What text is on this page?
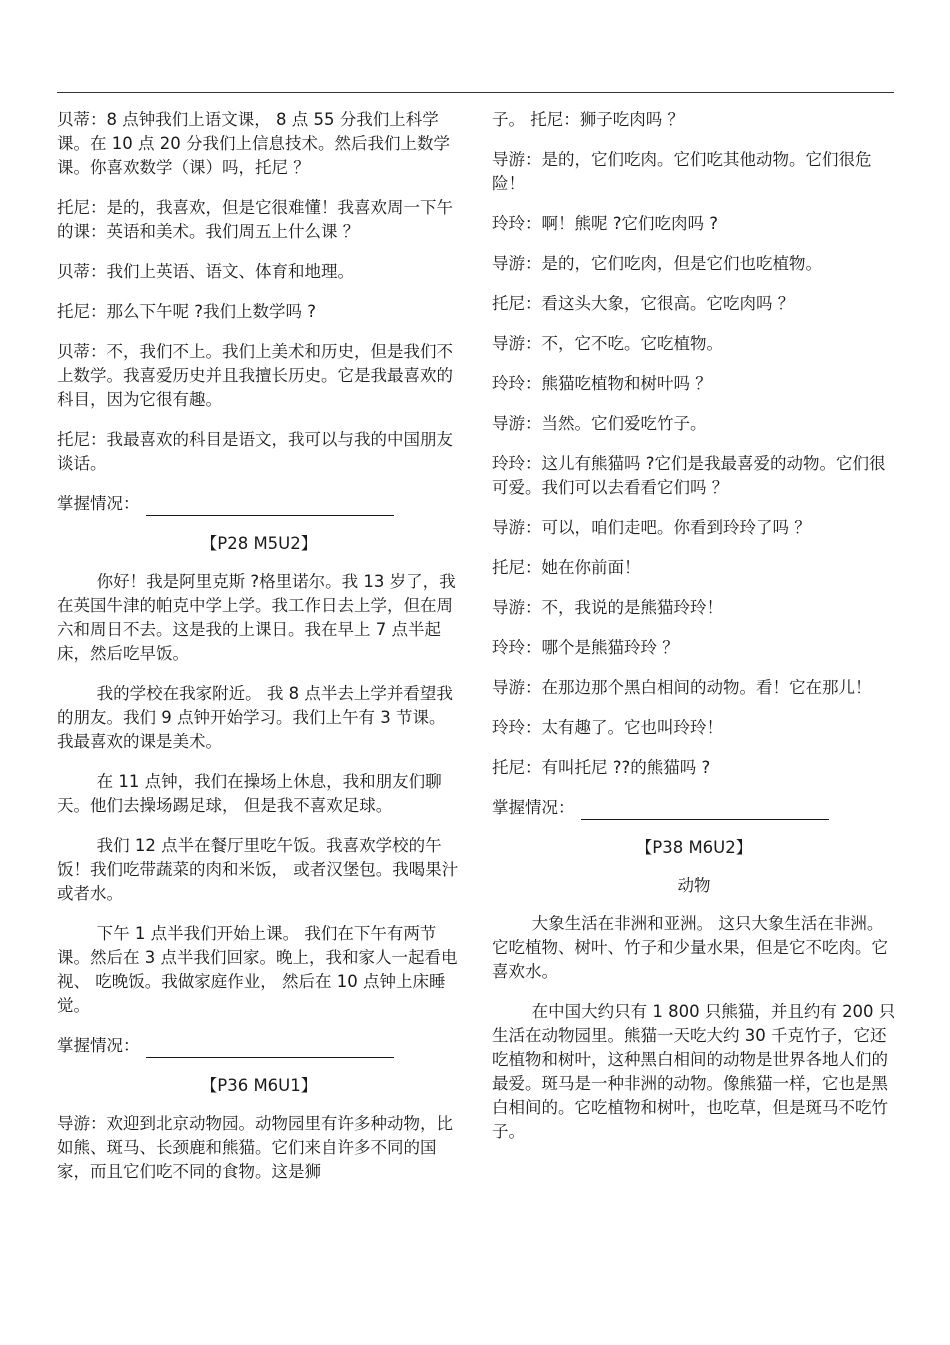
贝蒂：8 点钟我们上语文课， 8 点 55 分我们上科学课。在 10 点 20 分我们上信息技术。然后我们上数学课。你喜欢数学（课）吗，托尼 ？

托尼：是的，我喜欢，但是它很难懂！我喜欢周一下午的课：英语和美术。我们周五上什么课 ？

贝蒂：我们上英语、语文、体育和地理。

托尼：那么下午呢 ?我们上数学吗 ?

贝蒂：不，我们不上。我们上美术和历史，但是我们不上数学。我喜爱历史并且我擅长历史。它是我最喜欢的科目，因为它很有趣。

托尼：我最喜欢的科目是语文，我可以与我的中国朋友谈话。

掌握情况：
【P28 M5U2】

你好！我是阿里克斯 ?格里诺尔。我 13 岁了，我在英国牛津的帕克中学上学。我工作日去上学，但在周六和周日不去。这是我的上课日。我在早上 7 点半起床，然后吃早饭。

我的学校在我家附近。 我 8 点半去上学并看望我的朋友。我们 9 点钟开始学习。我们上午有 3 节课。我最喜欢的课是美术。

在 11 点钟，我们在操场上休息，我和朋友们聊天。他们去操场踢足球， 但是我不喜欢足球。

我们 12 点半在餐厅里吃午饭。我喜欢学校的午饭！我们吃带蔬菜的肉和米饭， 或者汉堡包。我喝果汁或者水。

下午 1 点半我们开始上课。 我们在下午有两节课。然后在 3 点半我们回家。晚上，我和家人一起看电视、 吃晚饭。我做家庭作业， 然后在 10 点钟上床睡觉。

掌握情况：
【P36 M6U1】

导游：欢迎到北京动物园。动物园里有许多种动物，比如熊、斑马、长颈鹿和熊猫。它们来自许多不同的国家，而且它们吃不同的食物。这是狮

子。 托尼：狮子吃肉吗 ？

导游：是的，它们吃肉。它们吃其他动物。它们很危险！

玲玲：啊！熊呢 ?它们吃肉吗 ?

导游：是的，它们吃肉，但是它们也吃植物。

托尼：看这头大象，它很高。它吃肉吗 ？

导游：不，它不吃。它吃植物。

玲玲：熊猫吃植物和树叶吗 ？

导游：当然。它们爱吃竹子。

玲玲：这儿有熊猫吗 ?它们是我最喜爱的动物。它们很可爱。我们可以去看看它们吗 ？

导游：可以，咱们走吧。你看到玲玲了吗 ？

托尼：她在你前面！

导游：不，我说的是熊猫玲玲！

玲玲：哪个是熊猫玲玲 ？

导游：在那边那个黑白相间的动物。看！它在那儿！

玲玲：太有趣了。它也叫玲玲！

托尼：有叫托尼 ??的熊猫吗 ?

掌握情况：
【P38 M6U2】
动物

大象生活在非洲和亚洲。 这只大象生活在非洲。它吃植物、树叶、竹子和少量水果，但是它不吃肉。它喜欢水。

在中国大约只有 1 800 只熊猫，并且约有 200 只生活在动物园里。熊猫一天吃大约 30 千克竹子，它还吃植物和树叶，这种黑白相间的动物是世界各地人们的最爱。斑马是一种非洲的动物。像熊猫一样，它也是黑白相间的。它吃植物和树叶，也吃草，但是斑马不吃竹子。
